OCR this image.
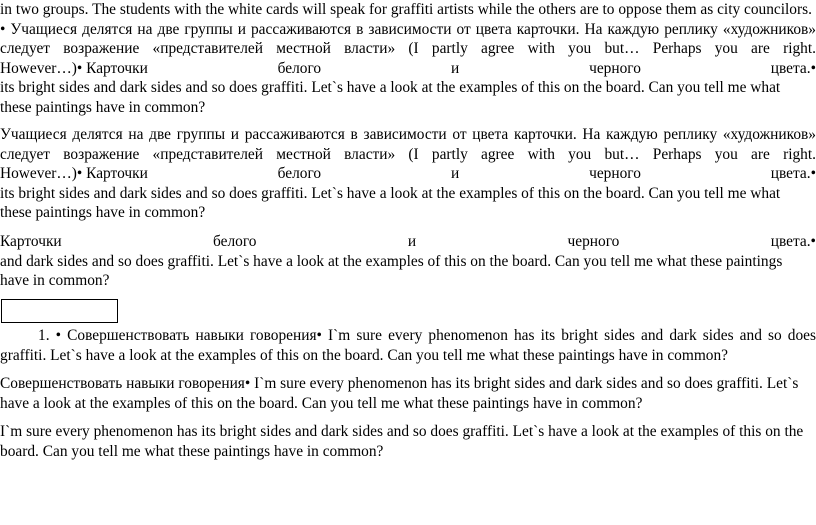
in two groups. The students with the white cards will speak for graffiti artists while the others are to oppose them as city councilors.

• Учащиеся делятся на две группы и рассаживаются в зависимости от цвета карточки. На каждую реплику «художников»

следует возражение «представителей местной власти» (I partly agree with you but… Perhaps you are right.

However…)• Карточки	белого	и	черного	цвета.•

its bright sides and dark sides and so does graffiti. Let`s have a look at the examples of this on the board. Can you tell me what

these paintings have in common?

Учащиеся делятся на две группы и рассаживаются в зависимости от цвета карточки. На каждую реплику «художников»

следует возражение «представителей местной власти» (I partly agree with you but… Perhaps you are right.

However…)• Карточки	белого	и	черного	цвета.•

its bright sides and dark sides and so does graffiti. Let`s have a look at the examples of this on the board. Can you tell me what

these paintings have in common?

Карточки	белого	и	черного	цвета.•

and dark sides and so does graffiti. Let`s have a look at the examples of this on the board. Can you tell me what these paintings

have in common?

1. • Совершенствовать навыки говорения• I`m sure every phenomenon has its bright sides and dark sides and so does

graffiti. Let`s have a look at the examples of this on the board. Can you tell me what these paintings have in common?

Совершенствовать навыки говорения• I`m sure every phenomenon has its bright sides and dark sides and so does graffiti. Let`s

have a look at the examples of this on the board. Can you tell me what these paintings have in common?

I`m sure every phenomenon has its bright sides and dark sides and so does graffiti. Let`s have a look at the examples of this on the

board. Can you tell me what these paintings have in common?
